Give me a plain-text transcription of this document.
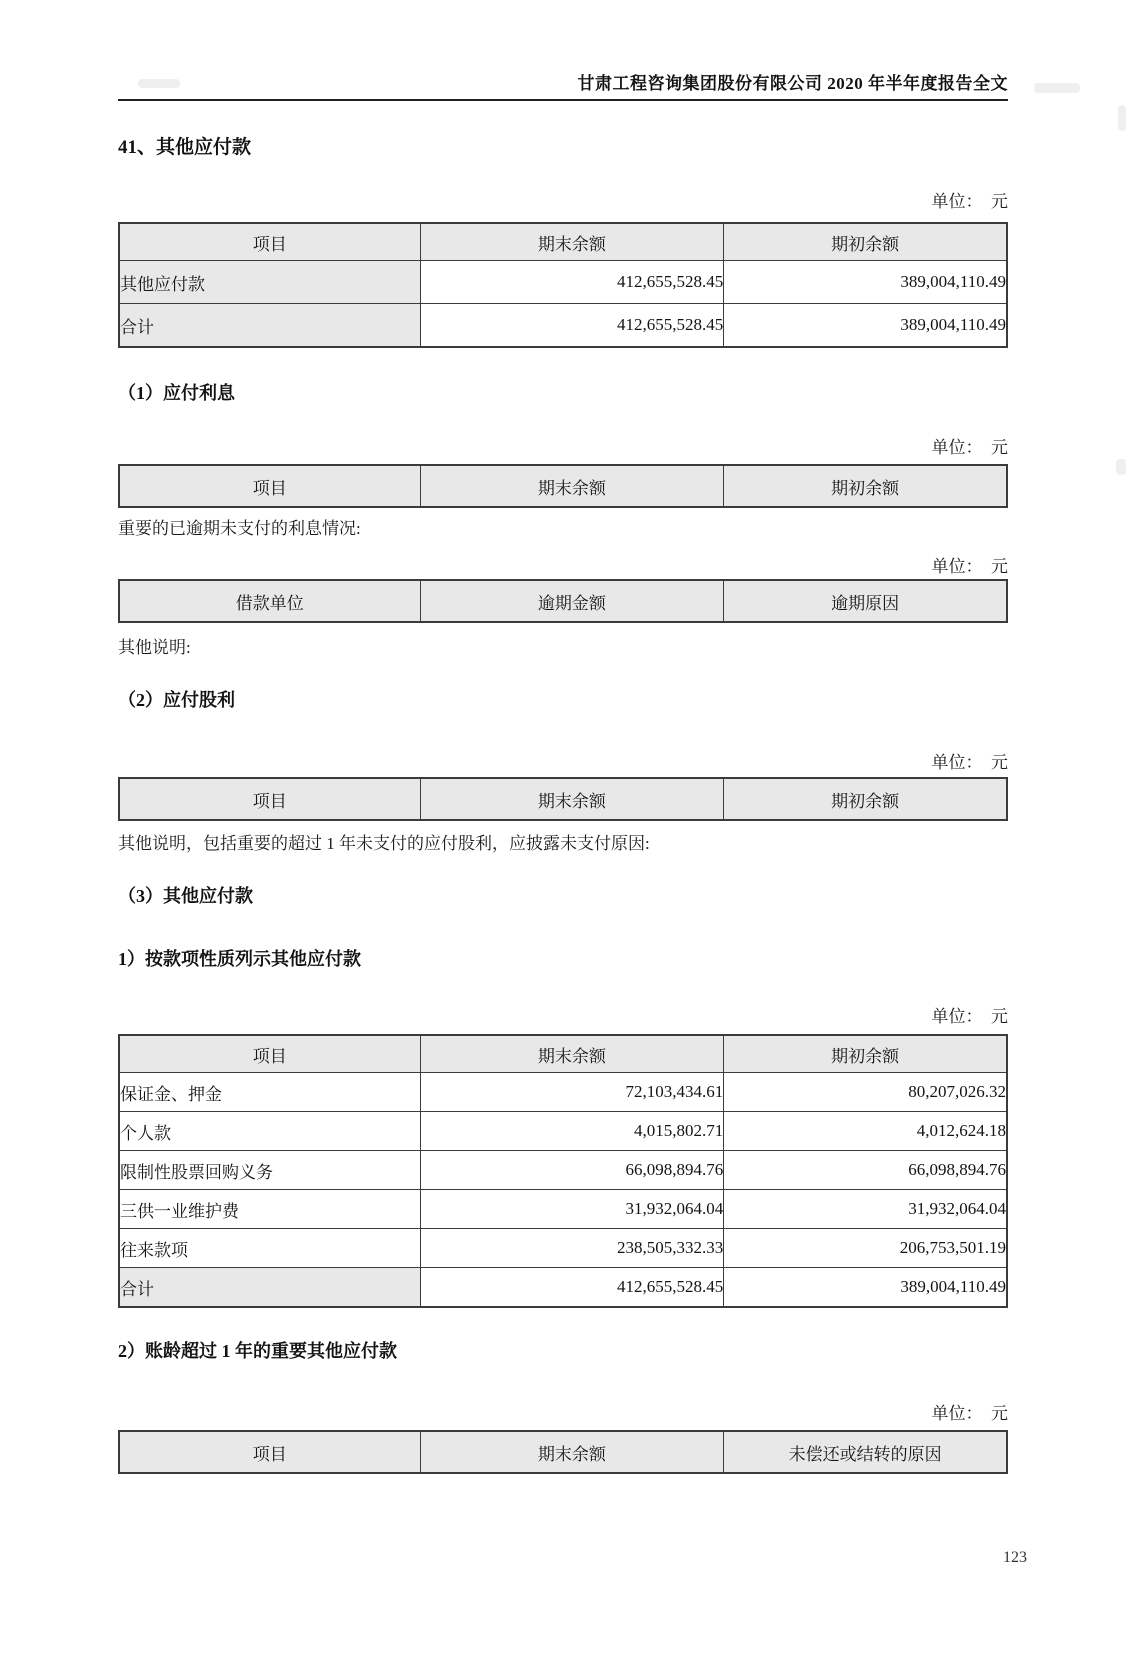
甘肃工程咨询集团股份有限公司 2020 年半年度报告全文
41、其他应付款
单位：　元
项目	期末余额	期初余额
其他应付款	412,655,528.45	389,004,110.49
合计	412,655,528.45	389,004,110.49
（1）应付利息
单位：　元
项目	期末余额	期初余额
重要的已逾期未支付的利息情况:
单位：　元
借款单位	逾期金额	逾期原因
其他说明:
（2）应付股利
单位：　元
项目	期末余额	期初余额
其他说明，包括重要的超过 1 年未支付的应付股利，应披露未支付原因:
（3）其他应付款
1）按款项性质列示其他应付款
单位：　元
项目	期末余额	期初余额
保证金、押金	72,103,434.61	80,207,026.32
个人款	4,015,802.71	4,012,624.18
限制性股票回购义务	66,098,894.76	66,098,894.76
三供一业维护费	31,932,064.04	31,932,064.04
往来款项	238,505,332.33	206,753,501.19
合计	412,655,528.45	389,004,110.49
2）账龄超过 1 年的重要其他应付款
单位：　元
项目	期末余额	未偿还或结转的原因
123
